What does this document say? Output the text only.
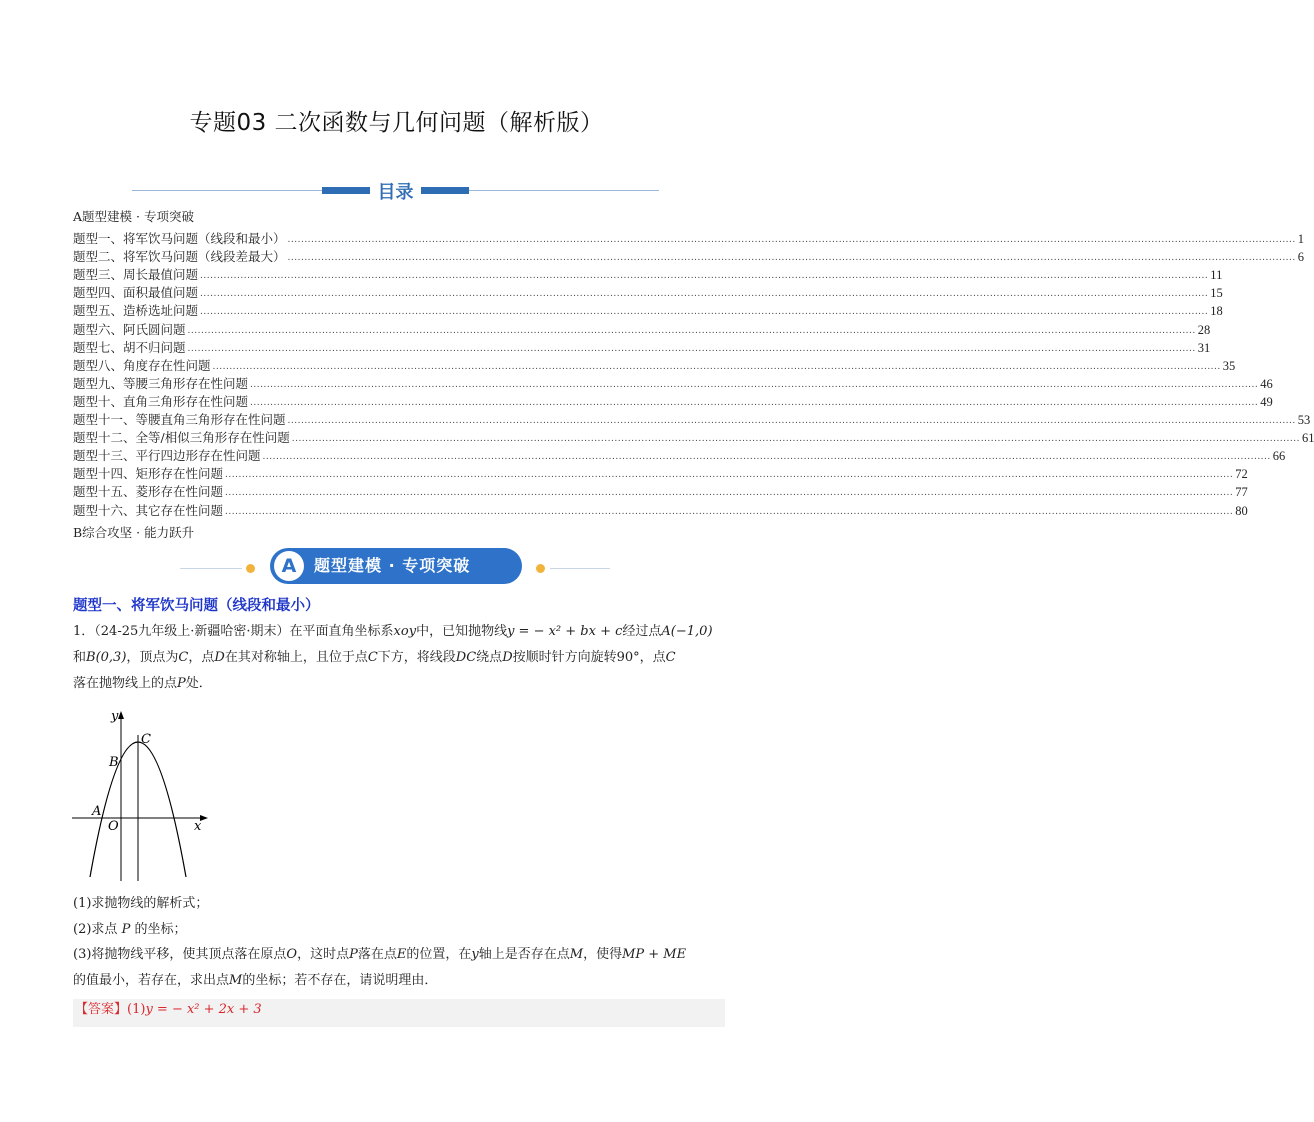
专题03 二次函数与几何问题（解析版）
目录
A题型建模 · 专项突破
题型一、将军饮马问题（线段和最小） ............................................................................................................................................................................................................................................................................................................ 1
题型二、将军饮马问题（线段差最大） ............................................................................................................................................................................................................................................................................................................ 6
题型三、周长最值问题 ............................................................................................................................................................................................................................................................................................................ 11
题型四、面积最值问题 ............................................................................................................................................................................................................................................................................................................ 15
题型五、造桥选址问题 ............................................................................................................................................................................................................................................................................................................ 18
题型六、阿氏圆问题 ............................................................................................................................................................................................................................................................................................................ 28
题型七、胡不归问题 ............................................................................................................................................................................................................................................................................................................ 31
题型八、角度存在性问题 ............................................................................................................................................................................................................................................................................................................ 35
题型九、等腰三角形存在性问题 ............................................................................................................................................................................................................................................................................................................ 46
题型十、直角三角形存在性问题 ............................................................................................................................................................................................................................................................................................................ 49
题型十一、等腰直角三角形存在性问题 ............................................................................................................................................................................................................................................................................................................ 53
题型十二、全等/相似三角形存在性问题 ............................................................................................................................................................................................................................................................................................................ 61
题型十三、平行四边形存在性问题 ............................................................................................................................................................................................................................................................................................................ 66
题型十四、矩形存在性问题 ............................................................................................................................................................................................................................................................................................................ 72
题型十五、菱形存在性问题 ............................................................................................................................................................................................................................................................................................................ 77
题型十六、其它存在性问题 ............................................................................................................................................................................................................................................................................................................ 80
B综合攻坚 · 能力跃升
A	题型建模 · 专项突破
题型一、将军饮马问题（线段和最小）
1．（24-25九年级上·新疆哈密·期末）在平面直角坐标系xoy中，已知抛物线y = − x² + bx + c经过点A(−1,0)
和B(0,3)，顶点为C，点D在其对称轴上，且位于点C下方，将线段DC绕点D按顺时针方向旋转90°，点C
落在抛物线上的点P处．
y
x
C
B
A
O
(1)求抛物线的解析式；
(2)求点 P 的坐标；
(3)将抛物线平移，使其顶点落在原点O，这时点P落在点E的位置，在y轴上是否存在点M，使得MP + ME
的值最小，若存在，求出点M的坐标；若不存在，请说明理由．
【答案】(1)y = − x² + 2x + 3
